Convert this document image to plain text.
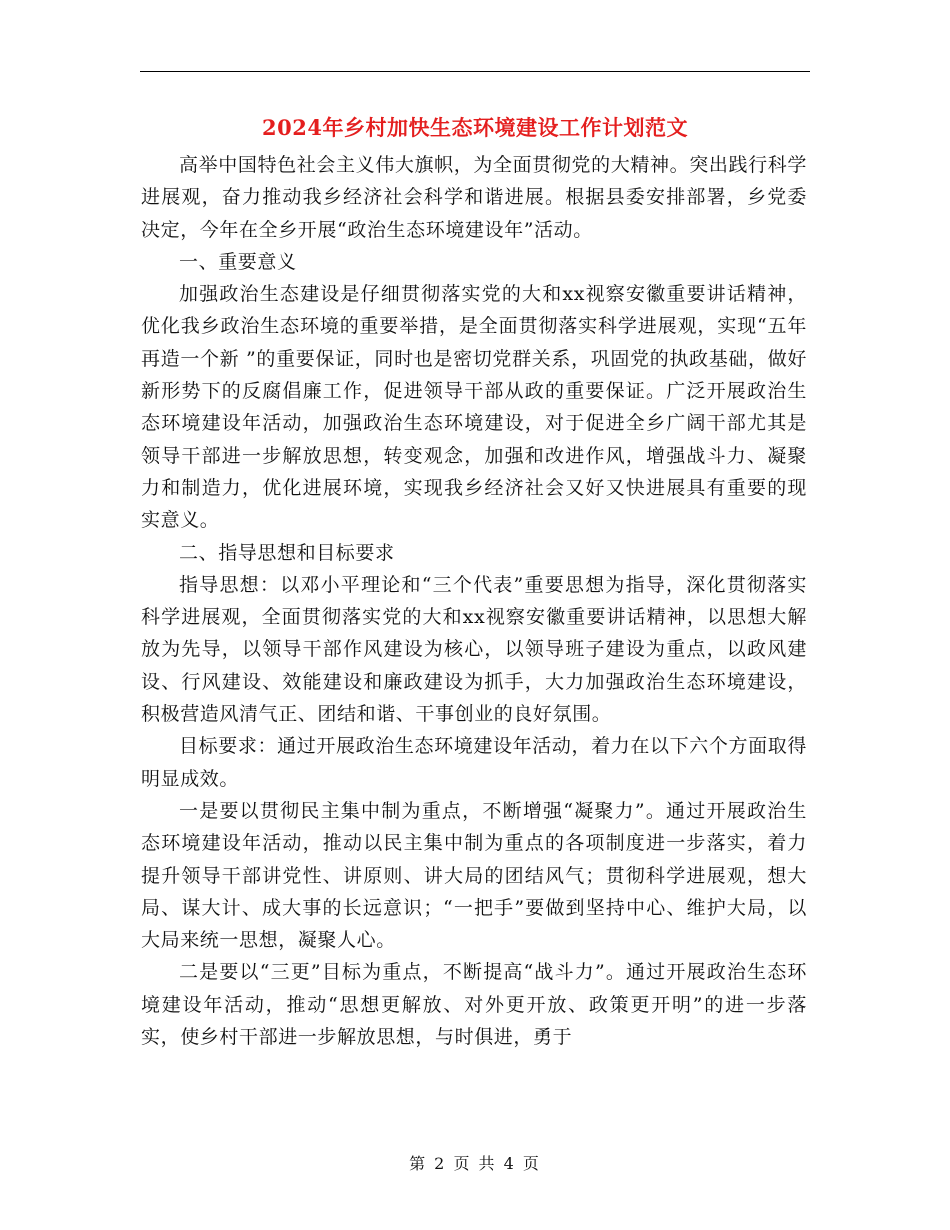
2024年乡村加快生态环境建设工作计划范文

高举中国特色社会主义伟大旗帜，为全面贯彻党的大精神。突出践行科学进展观，奋力推动我乡经济社会科学和谐进展。根据县委安排部署，乡党委决定，今年在全乡开展“政治生态环境建设年”活动。

一、重要意义

加强政治生态建设是仔细贯彻落实党的大和xx视察安徽重要讲话精神，优化我乡政治生态环境的重要举措，是全面贯彻落实科学进展观，实现“五年再造一个新 ”的重要保证，同时也是密切党群关系，巩固党的执政基础，做好新形势下的反腐倡廉工作，促进领导干部从政的重要保证。广泛开展政治生态环境建设年活动，加强政治生态环境建设，对于促进全乡广阔干部尤其是领导干部进一步解放思想，转变观念，加强和改进作风，增强战斗力、凝聚力和制造力，优化进展环境，实现我乡经济社会又好又快进展具有重要的现实意义。

二、指导思想和目标要求

指导思想：以邓小平理论和“三个代表”重要思想为指导，深化贯彻落实科学进展观，全面贯彻落实党的大和xx视察安徽重要讲话精神，以思想大解放为先导，以领导干部作风建设为核心，以领导班子建设为重点，以政风建设、行风建设、效能建设和廉政建设为抓手，大力加强政治生态环境建设，积极营造风清气正、团结和谐、干事创业的良好氛围。

目标要求：通过开展政治生态环境建设年活动，着力在以下六个方面取得明显成效。

一是要以贯彻民主集中制为重点，不断增强“凝聚力”。通过开展政治生态环境建设年活动，推动以民主集中制为重点的各项制度进一步落实，着力提升领导干部讲党性、讲原则、讲大局的团结风气；贯彻科学进展观，想大局、谋大计、成大事的长远意识；“一把手”要做到坚持中心、维护大局，以大局来统一思想，凝聚人心。

二是要以“三更”目标为重点，不断提高“战斗力”。通过开展政治生态环境建设年活动，推动“思想更解放、对外更开放、政策更开明”的进一步落实，使乡村干部进一步解放思想，与时俱进，勇于

第 2 页 共 4 页
